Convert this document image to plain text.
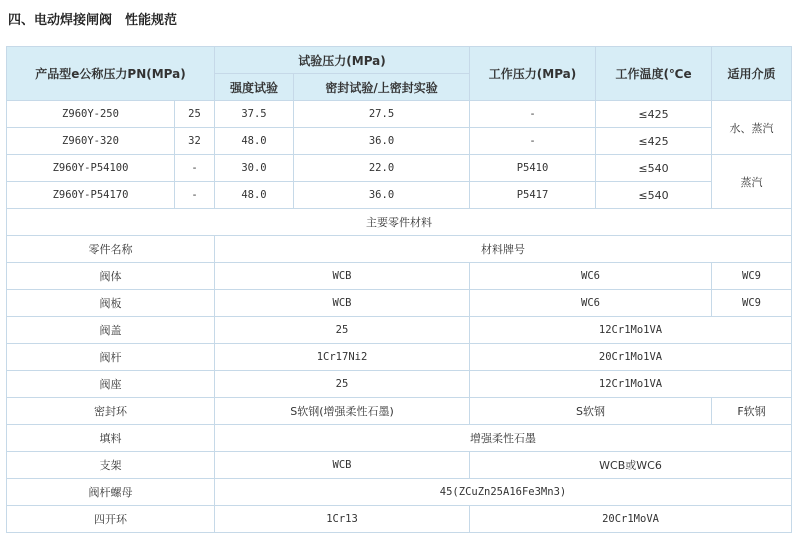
四、电动焊接闸阀　性能规范
产品型e公称压力PN(MPa)		试验压力(MPa)		工作压力(MPa)	工作温度(℃e	适用介质
		强度试验	密封试验/上密封实验			
Z960Y-250	25	37.5	27.5	-	≤425	水、蒸汽
Z960Y-320	32	48.0	36.0	-	≤425	
Z960Y-P54100	-	30.0	22.0	P5410	≤540	蒸汽
Z960Y-P54170	-	48.0	36.0	P5417	≤540	
主要零件材料						
零件名称		材料牌号				
阀体		WCB		WC6		WC9
阀板		WCB		WC6		WC9
阀盖		25		12Cr1Mo1VA		
阀杆		1Cr17Ni2		20Cr1Mo1VA		
阀座		25		12Cr1Mo1VA		
密封环		S软钢(增强柔性石墨)		S软钢		F软钢
填料		增强柔性石墨				
支架		WCB		WCB或WC6		
阀杆螺母		45(ZCuZn25A16Fe3Mn3)				
四开环		1Cr13		20Cr1MoVA		
